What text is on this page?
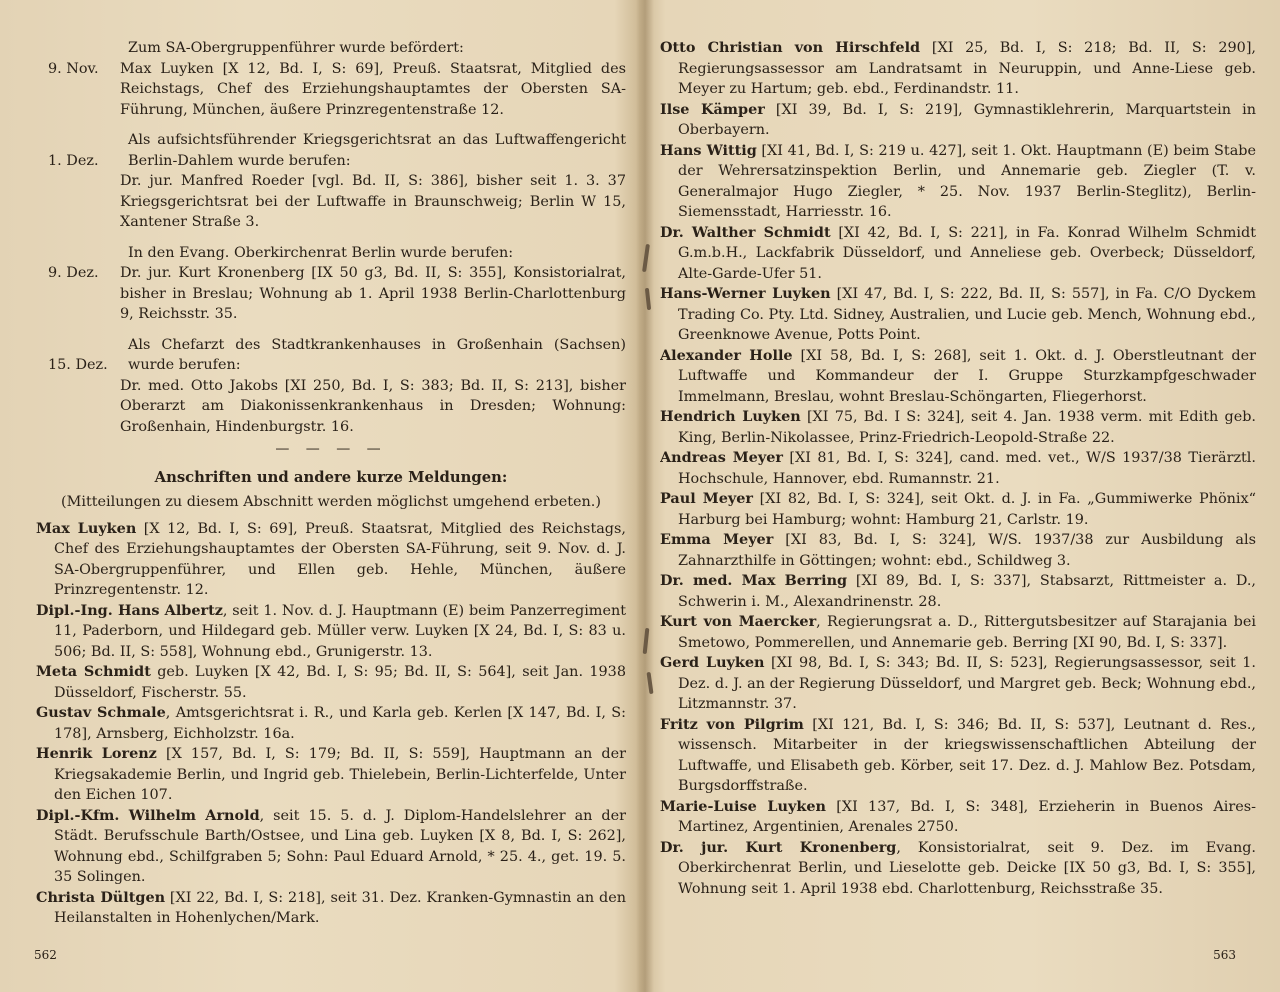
9. Nov.

Zum SA-Obergruppenführer wurde befördert:

Max Luyken [X 12, Bd. I, S: 69], Preuß. Staatsrat, Mitglied des Reichstags, Chef des Erziehungshauptamtes der Obersten SA-Führung, München, äußere Prinzregentenstraße 12.

1. Dez.

Als aufsichtsführender Kriegsgerichtsrat an das Luftwaffengericht Berlin-Dahlem wurde berufen:

Dr. jur. Manfred Roeder [vgl. Bd. II, S: 386], bisher seit 1. 3. 37 Kriegsgerichtsrat bei der Luftwaffe in Braunschweig; Berlin W 15, Xantener Straße 3.

9. Dez.

In den Evang. Oberkirchenrat Berlin wurde berufen:

Dr. jur. Kurt Kronenberg [IX 50 g3, Bd. II, S: 355], Konsistorialrat, bisher in Breslau; Wohnung ab 1. April 1938 Berlin-Charlottenburg 9, Reichsstr. 35.

15. Dez.

Als Chefarzt des Stadtkrankenhauses in Großenhain (Sachsen) wurde berufen:

Dr. med. Otto Jakobs [XI 250, Bd. I, S: 383; Bd. II, S: 213], bisher Oberarzt am Diakonissenkrankenhaus in Dresden; Wohnung: Großenhain, Hindenburgstr. 16.

— — — —
Anschriften und andere kurze Meldungen:
(Mitteilungen zu diesem Abschnitt werden möglichst umgehend erbeten.)

Max Luyken [X 12, Bd. I, S: 69], Preuß. Staatsrat, Mitglied des Reichstags, Chef des Erziehungshauptamtes der Obersten SA-Führung, seit 9. Nov. d. J. SA-Obergruppenführer, und Ellen geb. Hehle, München, äußere Prinzregentenstr. 12.

Dipl.-Ing. Hans Albertz, seit 1. Nov. d. J. Hauptmann (E) beim Panzerregiment 11, Paderborn, und Hildegard geb. Müller verw. Luyken [X 24, Bd. I, S: 83 u. 506; Bd. II, S: 558], Wohnung ebd., Grunigerstr. 13.

Meta Schmidt geb. Luyken [X 42, Bd. I, S: 95; Bd. II, S: 564], seit Jan. 1938 Düsseldorf, Fischerstr. 55.

Gustav Schmale, Amtsgerichtsrat i. R., und Karla geb. Kerlen [X 147, Bd. I, S: 178], Arnsberg, Eichholzstr. 16a.

Henrik Lorenz [X 157, Bd. I, S: 179; Bd. II, S: 559], Hauptmann an der Kriegsakademie Berlin, und Ingrid geb. Thielebein, Berlin-Lichterfelde, Unter den Eichen 107.

Dipl.-Kfm. Wilhelm Arnold, seit 15. 5. d. J. Diplom-Handelslehrer an der Städt. Berufsschule Barth/Ostsee, und Lina geb. Luyken [X 8, Bd. I, S: 262], Wohnung ebd., Schilfgraben 5; Sohn: Paul Eduard Arnold, * 25. 4., get. 19. 5. 35 Solingen.

Christa Dültgen [XI 22, Bd. I, S: 218], seit 31. Dez. Kranken-Gymnastin an den Heilanstalten in Hohenlychen/Mark.

562

Otto Christian von Hirschfeld [XI 25, Bd. I, S: 218; Bd. II, S: 290], Regierungsassessor am Landratsamt in Neuruppin, und Anne-Liese geb. Meyer zu Hartum; geb. ebd., Ferdinandstr. 11.

Ilse Kämper [XI 39, Bd. I, S: 219], Gymnastiklehrerin, Marquartstein in Oberbayern.

Hans Wittig [XI 41, Bd. I, S: 219 u. 427], seit 1. Okt. Hauptmann (E) beim Stabe der Wehrersatzinspektion Berlin, und Annemarie geb. Ziegler (T. v. Generalmajor Hugo Ziegler, * 25. Nov. 1937 Berlin-Steglitz), Berlin-Siemensstadt, Harriesstr. 16.

Dr. Walther Schmidt [XI 42, Bd. I, S: 221], in Fa. Konrad Wilhelm Schmidt G.m.b.H., Lackfabrik Düsseldorf, und Anneliese geb. Overbeck; Düsseldorf, Alte-Garde-Ufer 51.

Hans-Werner Luyken [XI 47, Bd. I, S: 222, Bd. II, S: 557], in Fa. C/O Dyckem Trading Co. Pty. Ltd. Sidney, Australien, und Lucie geb. Mench, Wohnung ebd., Greenknowe Avenue, Potts Point.

Alexander Holle [XI 58, Bd. I, S: 268], seit 1. Okt. d. J. Oberstleutnant der Luftwaffe und Kommandeur der I. Gruppe Sturzkampfgeschwader Immelmann, Breslau, wohnt Breslau-Schöngarten, Fliegerhorst.

Hendrich Luyken [XI 75, Bd. I S: 324], seit 4. Jan. 1938 verm. mit Edith geb. King, Berlin-Nikolassee, Prinz-Friedrich-Leopold-Straße 22.

Andreas Meyer [XI 81, Bd. I, S: 324], cand. med. vet., W/S 1937/38 Tierärztl. Hochschule, Hannover, ebd. Rumannstr. 21.

Paul Meyer [XI 82, Bd. I, S: 324], seit Okt. d. J. in Fa. „Gummiwerke Phönix“ Harburg bei Hamburg; wohnt: Hamburg 21, Carlstr. 19.

Emma Meyer [XI 83, Bd. I, S: 324], W/S. 1937/38 zur Ausbildung als Zahnarzthilfe in Göttingen; wohnt: ebd., Schildweg 3.

Dr. med. Max Berring [XI 89, Bd. I, S: 337], Stabsarzt, Rittmeister a. D., Schwerin i. M., Alexandrinenstr. 28.

Kurt von Maercker, Regierungsrat a. D., Rittergutsbesitzer auf Starajania bei Smetowo, Pommerellen, und Annemarie geb. Berring [XI 90, Bd. I, S: 337].

Gerd Luyken [XI 98, Bd. I, S: 343; Bd. II, S: 523], Regierungsassessor, seit 1. Dez. d. J. an der Regierung Düsseldorf, und Margret geb. Beck; Wohnung ebd., Litzmannstr. 37.

Fritz von Pilgrim [XI 121, Bd. I, S: 346; Bd. II, S: 537], Leutnant d. Res., wissensch. Mitarbeiter in der kriegswissenschaftlichen Abteilung der Luftwaffe, und Elisabeth geb. Körber, seit 17. Dez. d. J. Mahlow Bez. Potsdam, Burgsdorffstraße.

Marie-Luise Luyken [XI 137, Bd. I, S: 348], Erzieherin in Buenos Aires-Martinez, Argentinien, Arenales 2750.

Dr. jur. Kurt Kronenberg, Konsistorialrat, seit 9. Dez. im Evang. Oberkirchenrat Berlin, und Lieselotte geb. Deicke [IX 50 g3, Bd. I, S: 355], Wohnung seit 1. April 1938 ebd. Charlottenburg, Reichsstraße 35.

563
